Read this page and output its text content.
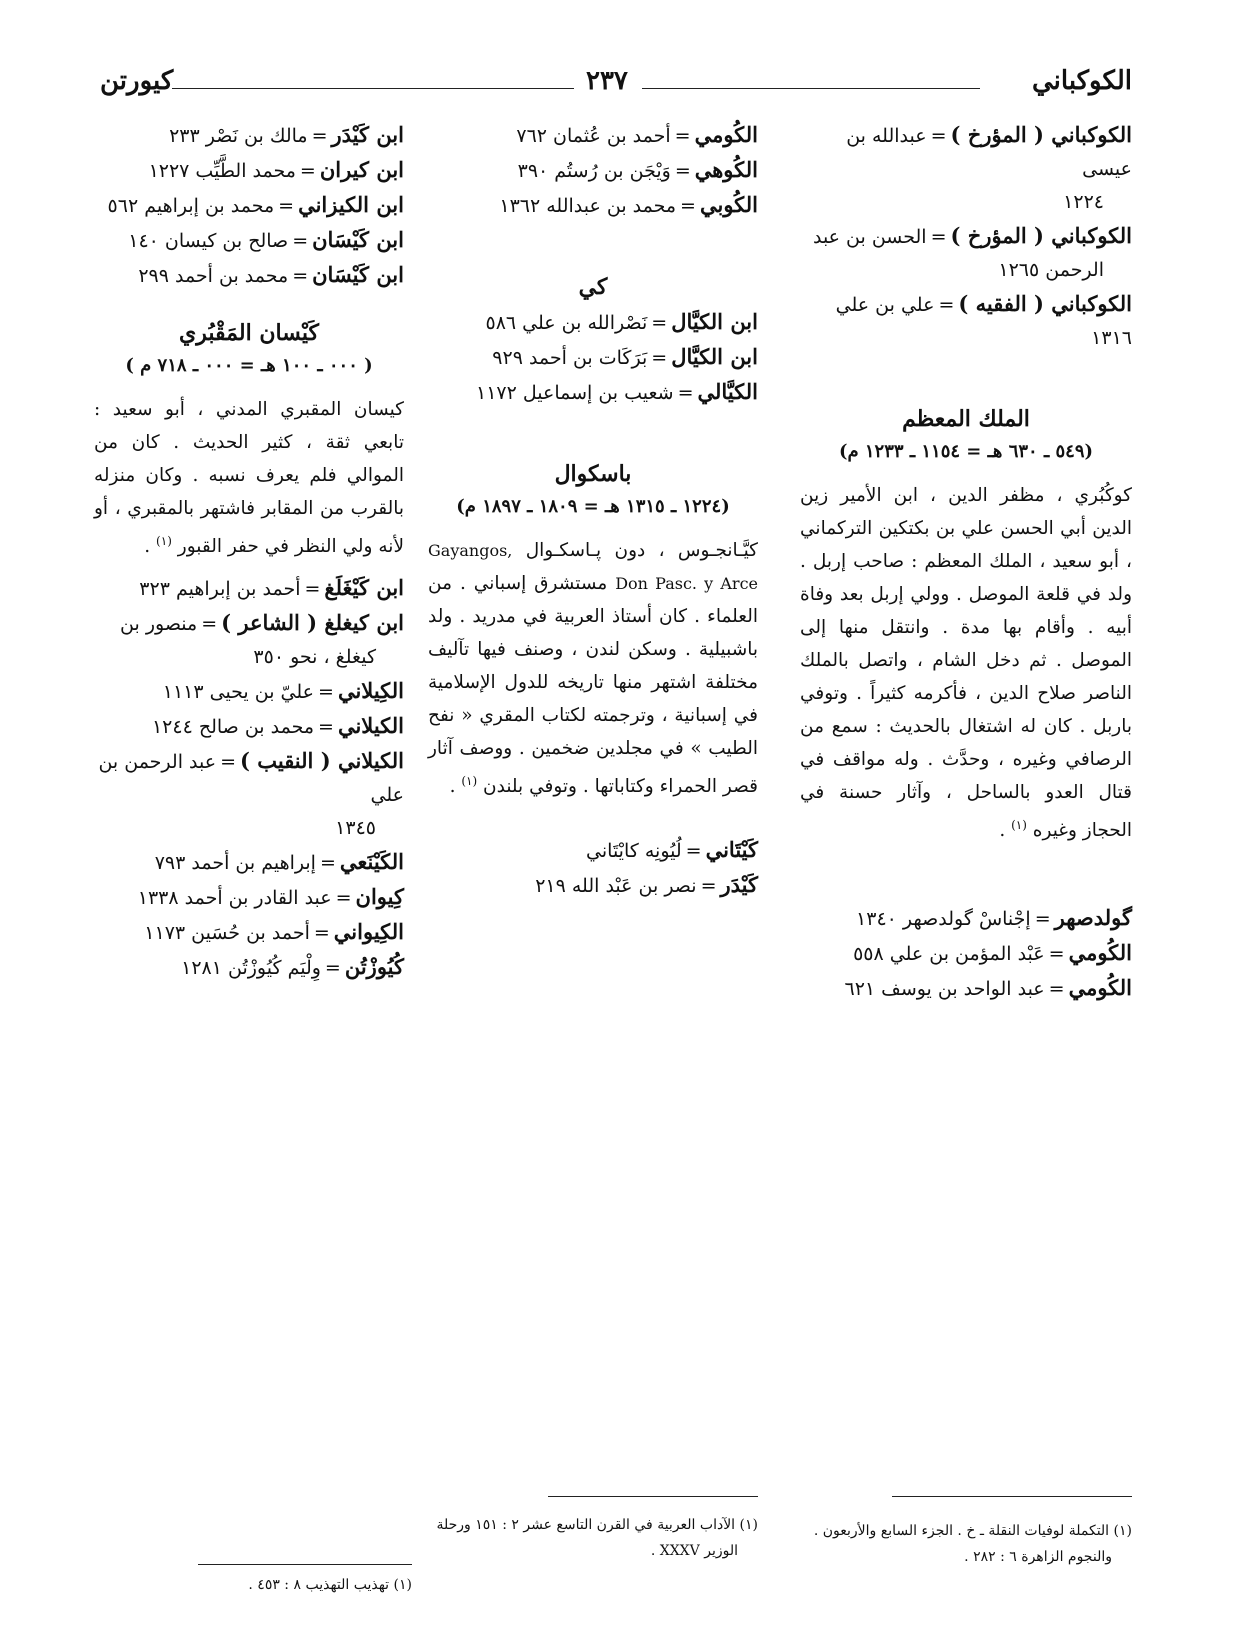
كيورتن	٢٣٧	الكوكباني

الكوكباني ( المؤرخ )=عبدالله بن عيسى

١٢٢٤

الكوكباني ( المؤرخ )=الحسن بن عبد

الرحمن ١٢٦٥

الكوكباني ( الفقيه )=علي بن علي ١٣١٦

الملك المعظم

(٥٤٩ ـ ٦٣٠ هـ = ١١٥٤ ـ ١٢٣٣ م)

كوكُبُري ، مظفر الدين ، ابن الأمير زين الدين أبي الحسن علي بن بكتكين التركماني ، أبو سعيد ، الملك المعظم : صاحب إربل . ولد في قلعة الموصل . وولي إربل بعد وفاة أبيه . وأقام بها مدة . وانتقل منها إلى الموصل . ثم دخل الشام ، واتصل بالملك الناصر صلاح الدين ، فأكرمه كثيراً . وتوفي باربل . كان له اشتغال بالحديث : سمع من الرصافي وغيره ، وحدَّث . وله مواقف في قتال العدو بالساحل ، وآثار حسنة في الحجاز وغيره $^{(١)}$ .

گولدصهر=إجْناسْ گولدصهر ١٣٤٠

الكُومي=عَبْد المؤمن بن علي ٥٥٨

الكُومي=عبد الواحد بن يوسف ٦٢١

الكُومي=أحمد بن عُثمان ٧٦٢

الكُوهي=وَيْجَن بن رُستُم ٣٩٠

الكُوبي=محمد بن عبدالله ١٣٦٢

كي

ابن الكيَّال=نَصْرالله بن علي ٥٨٦

ابن الكيَّال=بَرَكَات بن أحمد ٩٢٩

الكيَّالي=شعيب بن إسماعيل ١١٧٢

باسكوال

(١٢٢٤ ـ ١٣١٥ هـ = ١٨٠٩ ـ ١٨٩٧ م)

كيَّـانجـوس ، دون پـاسكـوال Gayangos, Don Pasc. y Arce مستشرق إسباني . من العلماء . كان أستاذ العربية في مدريد . ولد باشبيلية . وسكن لندن ، وصنف فيها تآليف مختلفة اشتهر منها تاريخه للدول الإسلامية في إسبانية ، وترجمته لكتاب المقري « نفح الطيب » في مجلدين ضخمين . ووصف آثار قصر الحمراء وكتاباتها . وتوفي بلندن $^{(١)}$ .

كَيْتَاني=لُيُونِه كايْتَاني

كَيْدَر=نصر بن عَبْد الله ٢١٩

ابن كَيْدَر=مالك بن نَصْر ٢٣٣

ابن كيران=محمد الطَّيِّب ١٢٢٧

ابن الكيزاني=محمد بن إبراهيم ٥٦٢

ابن كَيْسَان=صالح بن كيسان ١٤٠

ابن كَيْسَان=محمد بن أحمد ٢٩٩

كَيْسان المَقْبُري

( ٠٠٠ ـ ١٠٠ هـ = ٠٠٠ ـ ٧١٨ م )

كيسان المقبري المدني ، أبو سعيد : تابعي ثقة ، كثير الحديث . كان من الموالي فلم يعرف نسبه . وكان منزله بالقرب من المقابر فاشتهر بالمقبري ، أو لأنه ولي النظر في حفر القبور $^{(١)}$ .

ابن كَيْغَلَغ=أحمد بن إبراهيم ٣٢٣

ابن كيغلغ ( الشاعر )=منصور بن

كيغلغ ، نحو ٣٥٠

الكِيلاني=عليّ بن يحيى ١١١٣

الكيلاني=محمد بن صالح ١٢٤٤

الكيلاني ( النقيب )=عبد الرحمن بن علي

١٣٤٥

الكَيْنَعي=إبراهيم بن أحمد ٧٩٣

كِيوان=عبد القادر بن أحمد ١٣٣٨

الكِيواني=أحمد بن حُسَين ١١٧٣

كُيُوزْتُن=وِلْيَم كُيُوزْتُن ١٢٨١

(١) التكملة لوفيات النقلة ـ خ . الجزء السابع والأربعون .
والنجوم الزاهرة ٦ : ٢٨٢ .
(١) الآداب العربية في القرن التاسع عشر ٢ : ١٥١ ورحلة
الوزير XXXV .
(١) تهذيب التهذيب ٨ : ٤٥٣ .
